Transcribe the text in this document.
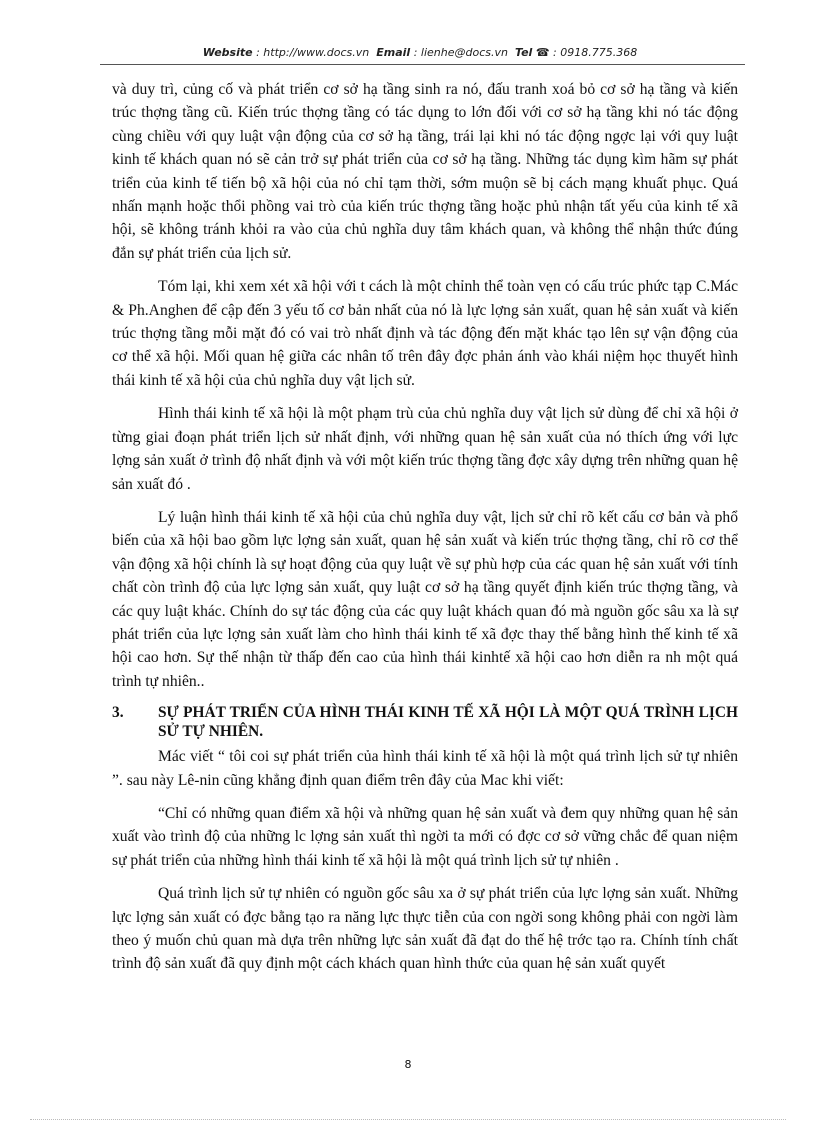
Website : http://www.docs.vn Email : lienhe@docs.vn Tel ☎ : 0918.775.368

và duy trì, củng cố và phát triển cơ sở hạ tầng sinh ra nó, đấu tranh xoá bỏ cơ sở hạ tầng và kiến trúc thợng tầng cũ. Kiến trúc thợng tầng có tác dụng to lớn đối với cơ sở hạ tầng khi nó tác động cùng chiều với quy luật vận động của cơ sở hạ tầng, trái lại khi nó tác động ngợc lại với quy luật kinh tế khách quan nó sẽ cản trở sự phát triển của cơ sở hạ tầng. Những tác dụng kìm hãm sự phát triển của kinh tế tiến bộ xã hội của nó chỉ tạm thời, sớm muộn sẽ bị cách mạng khuất phục. Quá nhấn mạnh hoặc thổi phồng vai trò của kiến trúc thợng tầng hoặc phủ nhận tất yếu của kinh tế xã hội, sẽ không tránh khỏi ra vào của chủ nghĩa duy tâm khách quan, và không thể nhận thức đúng đắn sự phát triển của lịch sử.

Tóm lại, khi xem xét xã hội với t cách là một chỉnh thể toàn vẹn có cấu trúc phức tạp C.Mác & Ph.Anghen để cập đến 3 yếu tố cơ bản nhất của nó là lực lợng sản xuất, quan hệ sản xuất và kiến trúc thợng tầng mỗi mặt đó có vai trò nhất định và tác động đến mặt khác tạo lên sự vận động của cơ thể xã hội. Mối quan hệ giữa các nhân tố trên đây đợc phản ánh vào khái niệm học thuyết hình thái kinh tế xã hội của chủ nghĩa duy vật lịch sử.

Hình thái kinh tế xã hội là một phạm trù của chủ nghĩa duy vật lịch sử dùng để chỉ xã hội ở từng giai đoạn phát triển lịch sử nhất định, với những quan hệ sản xuất của nó thích ứng với lực lợng sản xuất ở trình độ nhất định và với một kiến trúc thợng tầng đợc xây dựng trên những quan hệ sản xuất đó .

Lý luận hình thái kinh tế xã hội của chủ nghĩa duy vật, lịch sử chỉ rõ kết cấu cơ bản và phổ biến của xã hội bao gồm lực lợng sản xuất, quan hệ sản xuất và kiến trúc thợng tầng, chỉ rõ cơ thể vận động xã hội chính là sự hoạt động của quy luật về sự phù hợp của các quan hệ sản xuất với tính chất còn trình độ của lực lợng sản xuất, quy luật cơ sở hạ tầng quyết định kiến trúc thợng tầng, và các quy luật khác. Chính do sự tác động của các quy luật khách quan đó mà nguồn gốc sâu xa là sự phát triển của lực lợng sản xuất làm cho hình thái kinh tế xã đợc thay thế bằng hình thế kinh tế xã hội cao hơn. Sự thế nhận từ thấp đến cao của hình thái kinhtế xã hội cao hơn diễn ra nh một quá trình tự nhiên..

3.	SỰ PHÁT TRIỂN CỦA HÌNH THÁI KINH TẾ XÃ HỘI LÀ MỘT QUÁ TRÌNH LỊCH SỬ TỰ NHIÊN.

Mác viết “ tôi coi sự phát triển của hình thái kinh tế xã hội là một quá trình lịch sử tự nhiên ”. sau này Lê-nin cũng khẳng định quan điểm trên đây của Mac khi viết:

“Chỉ có những quan điểm xã hội và những quan hệ sản xuất và đem quy những quan hệ sản xuất vào trình độ của những lc lợng sản xuất thì ngời ta mới có đợc cơ sở vững chắc để quan niệm sự phát triển của những hình thái kinh tế xã hội là một quá trình lịch sử tự nhiên .

Quá trình lịch sử tự nhiên có nguồn gốc sâu xa ở sự phát triển của lực lợng sản xuất. Những lực lợng sản xuất có đợc bằng tạo ra năng lực thực tiễn của con ngời song không phải con ngời làm theo ý muốn chủ quan mà dựa trên những lực sản xuất đã đạt do thế hệ trớc tạo ra. Chính tính chất trình độ sản xuất đã quy định một cách khách quan hình thức của quan hệ sản xuất quyết

8
